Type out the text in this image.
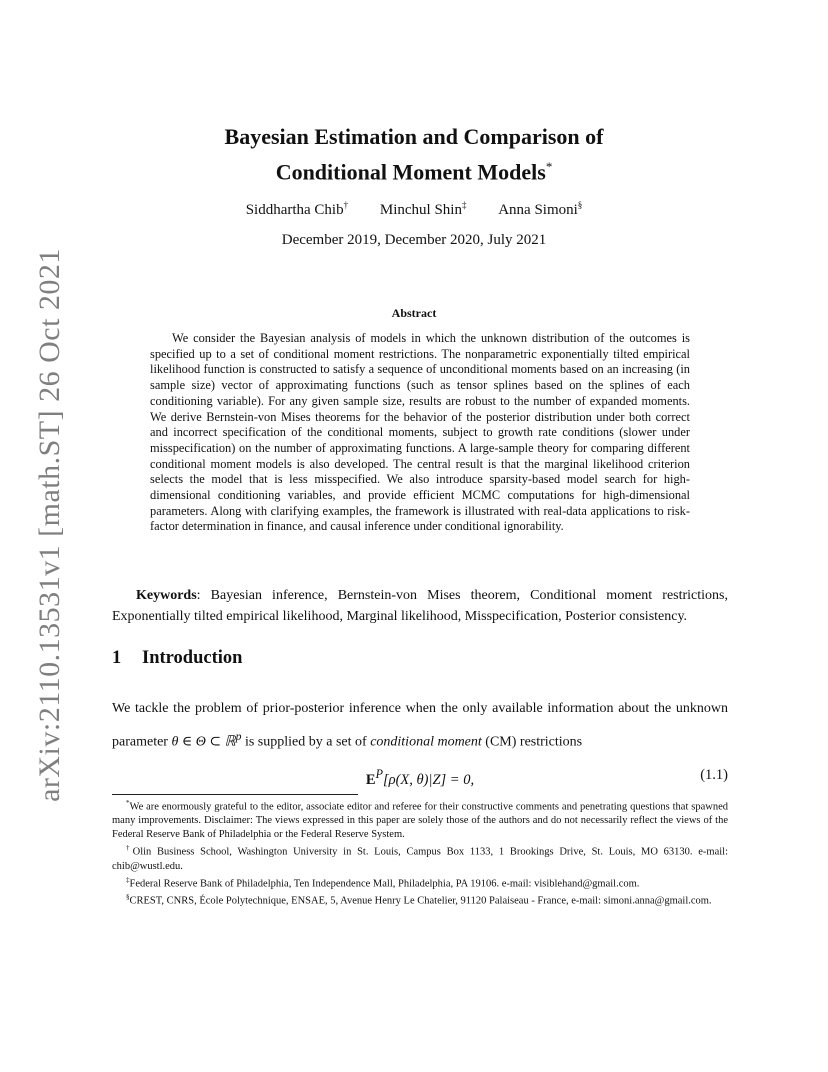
arXiv:2110.13531v1 [math.ST] 26 Oct 2021
Bayesian Estimation and Comparison of
Conditional Moment Models*
Siddhartha Chib† Minchul Shin‡ Anna Simoni§
December 2019, December 2020, July 2021
Abstract

We consider the Bayesian analysis of models in which the unknown distribution of the outcomes is specified up to a set of conditional moment restrictions. The nonparametric exponentially tilted empirical likelihood function is constructed to satisfy a sequence of unconditional moments based on an increasing (in sample size) vector of approximating functions (such as tensor splines based on the splines of each conditioning variable). For any given sample size, results are robust to the number of expanded moments. We derive Bernstein-von Mises theorems for the behavior of the posterior distribution under both correct and incorrect specification of the conditional moments, subject to growth rate conditions (slower under misspecification) on the number of approximating functions. A large-sample theory for comparing different conditional moment models is also developed. The central result is that the marginal likelihood criterion selects the model that is less misspecified. We also introduce sparsity-based model search for high-dimensional conditioning variables, and provide efficient MCMC computations for high-dimensional parameters. Along with clarifying examples, the framework is illustrated with real-data applications to risk-factor determination in finance, and causal inference under conditional ignorability.

Keywords: Bayesian inference, Bernstein-von Mises theorem, Conditional moment restrictions, Exponentially tilted empirical likelihood, Marginal likelihood, Misspecification, Posterior consistency.

1 Introduction

We tackle the problem of prior-posterior inference when the only available information about the unknown parameter θ ∈ Θ ⊂ ℝ$^p$ is supplied by a set of conditional moment (CM) restrictions

$E^P[\rho(X$, θ)|Z] = 0,	(1.1)

*We are enormously grateful to the editor, associate editor and referee for their constructive comments and penetrating questions that spawned many improvements. Disclaimer: The views expressed in this paper are solely those of the authors and do not necessarily reflect the views of the Federal Reserve Bank of Philadelphia or the Federal Reserve System.

†Olin Business School, Washington University in St. Louis, Campus Box 1133, 1 Brookings Drive, St. Louis, MO 63130. e-mail: chib@wustl.edu.

‡Federal Reserve Bank of Philadelphia, Ten Independence Mall, Philadelphia, PA 19106. e-mail: visiblehand@gmail.com.

§CREST, CNRS, École Polytechnique, ENSAE, 5, Avenue Henry Le Chatelier, 91120 Palaiseau - France, e-mail: simoni.anna@gmail.com.
